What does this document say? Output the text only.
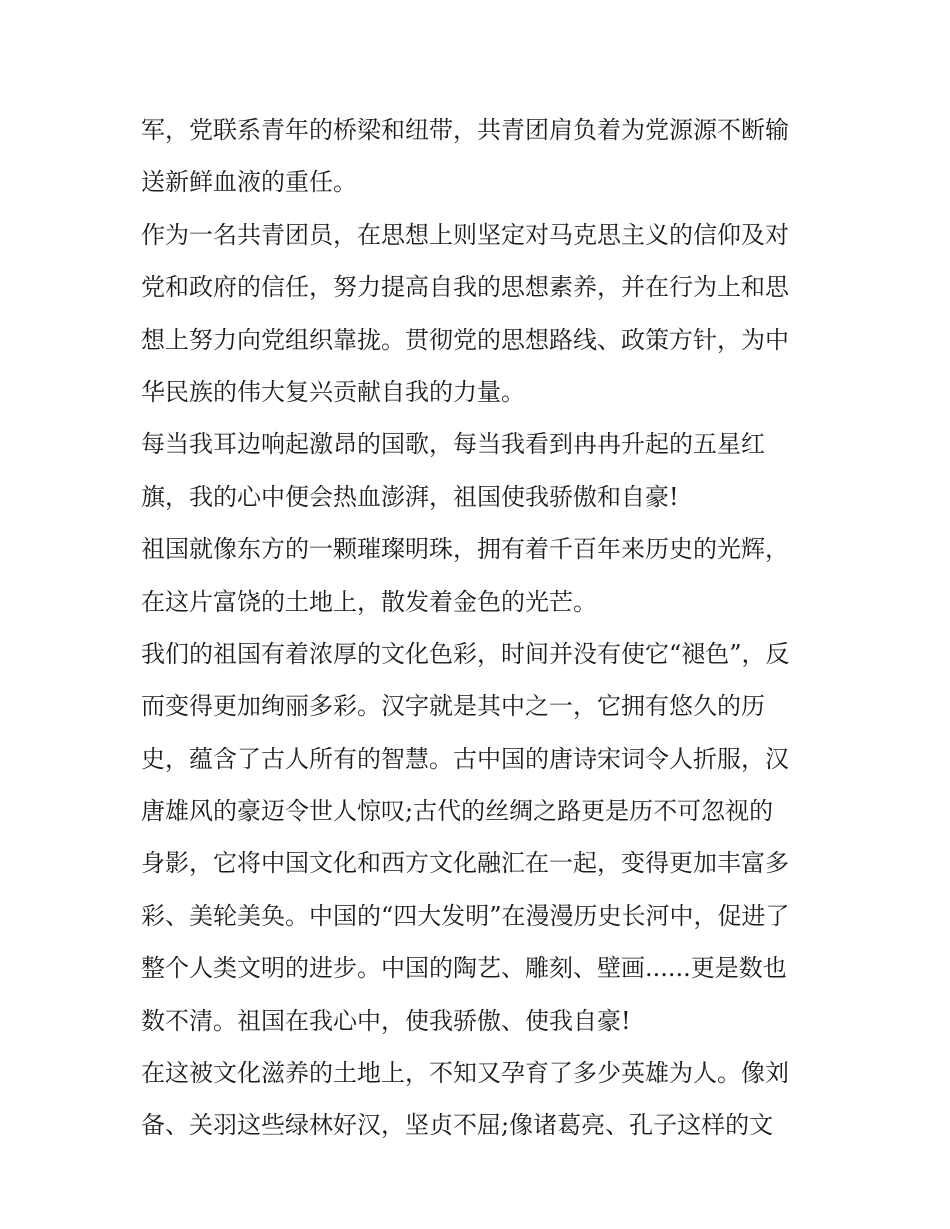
军，党联系青年的桥梁和纽带，共青团肩负着为党源源不断输
送新鲜血液的重任。
作为一名共青团员，在思想上则坚定对马克思主义的信仰及对
党和政府的信任，努力提高自我的思想素养，并在行为上和思
想上努力向党组织靠拢。贯彻党的思想路线、政策方针，为中
华民族的伟大复兴贡献自我的力量。
每当我耳边响起激昂的国歌，每当我看到冉冉升起的五星红
旗，我的心中便会热血澎湃，祖国使我骄傲和自豪!
祖国就像东方的一颗璀璨明珠，拥有着千百年来历史的光辉，
在这片富饶的土地上，散发着金色的光芒。
我们的祖国有着浓厚的文化色彩，时间并没有使它“褪色”，反
而变得更加绚丽多彩。汉字就是其中之一，它拥有悠久的历
史，蕴含了古人所有的智慧。古中国的唐诗宋词令人折服，汉
唐雄风的豪迈令世人惊叹;古代的丝绸之路更是历不可忽视的
身影，它将中国文化和西方文化融汇在一起，变得更加丰富多
彩、美轮美奂。中国的“四大发明”在漫漫历史长河中，促进了
整个人类文明的进步。中国的陶艺、雕刻、壁画......更是数也
数不清。祖国在我心中，使我骄傲、使我自豪!
在这被文化滋养的土地上，不知又孕育了多少英雄为人。像刘
备、关羽这些绿林好汉，坚贞不屈;像诸葛亮、孔子这样的文
